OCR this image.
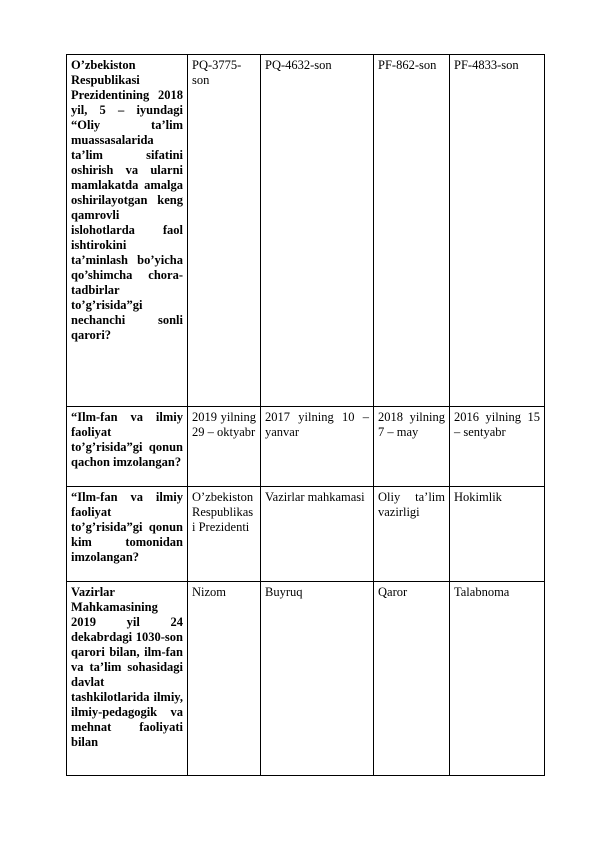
O’zbekiston Respublikasi Prezidentining 2018 yil, 5 – iyundagi “Oliy ta’lim muassasalarida ta’lim sifatini oshirish va ularni mamlakatda amalga oshirilayotgan keng qamrovli islohotlarda faol ishtirokini ta’minlash bo’yicha qo’shimcha chora-tadbirlar to’g’risida”gi nechanchi sonli qarori?	PQ-3775-son	PQ-4632-son	PF-862-son	PF-4833-son
“Ilm-fan va ilmiy faoliyat to’g’risida”gi qonun qachon imzolangan?	2019 yilning 29 – oktyabr	2017 yilning 10 – yanvar	2018 yilning 7 – may	2016 yilning 15 – sentyabr
“Ilm-fan va ilmiy faoliyat to’g’risida”gi qonun kim tomonidan imzolangan?	O’zbekiston Respublikasi Prezidenti	Vazirlar mahkamasi	Oliy ta’lim vazirligi	Hokimlik
Vazirlar Mahkamasining 2019 yil 24 dekabrdagi 1030-son qarori bilan, ilm-fan va ta’lim sohasidagi davlat tashkilotlarida ilmiy, ilmiy-pedagogik va mehnat faoliyati bilan	Nizom	Buyruq	Qaror	Talabnoma
